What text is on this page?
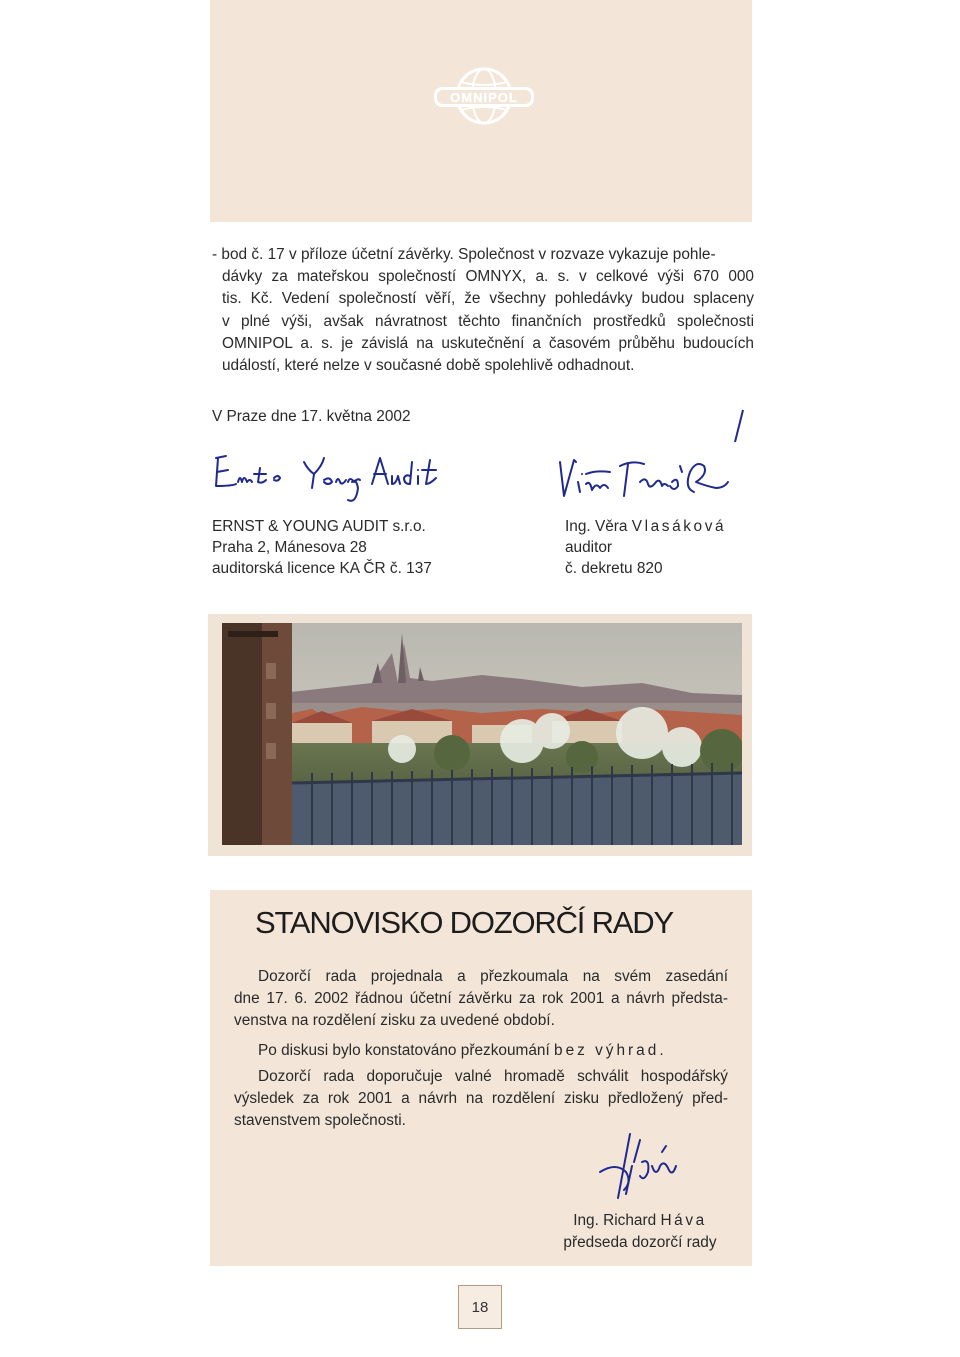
OMNIPOL
- bod č. 17 v příloze účetní závěrky. Společnost v rozvaze vykazuje pohle-
dávky za mateřskou společností OMNYX, a. s. v celkové výši 670 000
tis. Kč. Vedení společností věří, že všechny pohledávky budou splaceny
v plné výši, avšak návratnost těchto finančních prostředků společnosti
OMNIPOL a. s. je závislá na uskutečnění a časovém průběhu budoucích
událostí, které nelze v současné době spolehlivě odhadnout.
V Praze dne 17. května 2002
ERNST & YOUNG AUDIT s.r.o.
Praha 2, Mánesova 28
auditorská licence KA ČR č. 137
Ing. Věra Vlasáková
auditor
č. dekretu 820
STANOVISKO DOZORČÍ RADY
Dozorčí rada projednala a přezkoumala na svém zasedání
dne 17. 6. 2002 řádnou účetní závěrku za rok 2001 a návrh předsta-
venstva na rozdělení zisku za uvedené období.
Po diskusi bylo konstatováno přezkoumání bez výhrad.
Dozorčí rada doporučuje valné hromadě schválit hospodářský
výsledek za rok 2001 a návrh na rozdělení zisku předložený před-
stavenstvem společnosti.
Ing. Richard Háva
předseda dozorčí rady
18
